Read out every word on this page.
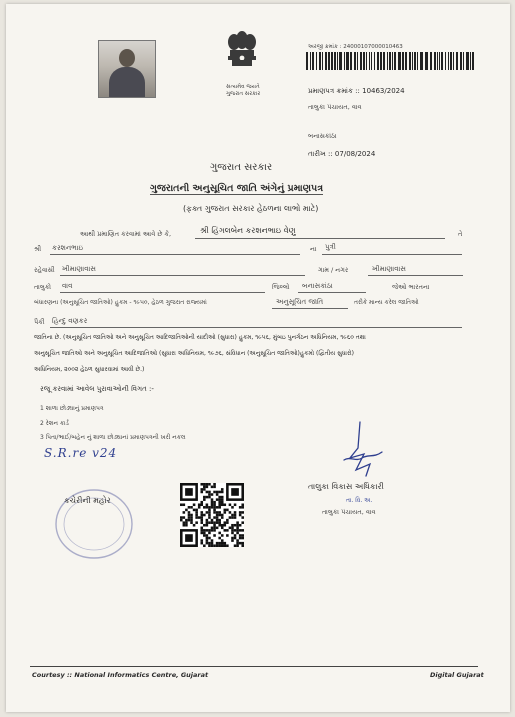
સત્યમેવ જયતે
ગુજરાત સરકાર
અરજી ક્રમાંક : 24000107000010463
પ્રમાણપત્ર ક્રમાંક :: 10463/2024
તાલુકા પંચાયત, વાવ
બનાસકાંઠા
તારીખ :: 07/08/2024
ગુજરાત સરકાર
ગુજરાતની અનુસૂચિત જાતિ અંગેનું પ્રમાણપત્ર
(ફક્ત ગુજરાત સરકાર હેઠળના લાભો માટે)
આથી પ્રમાણિત કરવામાં આવે છે કે,	શ્રી હિંગલબેન કરશનભાઇ વેણુ	તે
શ્રી કરશનભાઇ	ના પુત્રી
રહેવાસી ખીમાણાવાસ	ગામ / નગર	ખીમાણાવાસ
તાલુકો વાવ	જિલ્લો બનાસકાંઠા	જેઓ ભારતના
બંધારણના (અનુસૂચિત જાતિઓ) હુકમ - ૧૯૫૦, હેઠળ ગુજરાત રાજ્યમાં	અનુસૂચિત જાતિ	તરીકે માન્ય કરેલ જાતિઓ
પૈકી હિન્દુ વણકર
જાતિના છે. (અનુસૂચિત જાતિઓ અને અનુસૂચિત આદિજાતિઓની યાદીઓ (સુધારા) હુકમ, ૧૯૫૬, મુંબઇ પુનર્ગઠન અધિનિયમ, ૧૯૬૦ તથા
અનુસૂચિત જાતિઓ અને અનુસૂચિત આદિજાતિઓ (સુધારા અધિનિયમ, ૧૯૭૬, સંવિધાન (અનુસૂચિત જાતિઓ)હુકમો (દ્વિતીય સુધારો)
અધિનિયમ, ૨૦૦૨ હેઠળ સુધારવામાં આવી છે.)
રજૂ કરવામાં આવેલ પુરાવાઓની વિગત :-
1 શાળા છોડ્યાનું પ્રમાણપત્ર
2 રેશન કાર્ડ
3 પિતા/ભાઈ/બહેન નું શાળા છોડ્યાનાં પ્રમાણપત્રની ખરી નકલ
S.R.re v24
કચેરીની મહોર	તા. વિ. અ.
તાલુકા વિકાસ અધિકારી
તાલુકા પંચાયત, વાવ
Courtesy :: National Informatics Centre, Gujarat	Digital Gujarat
